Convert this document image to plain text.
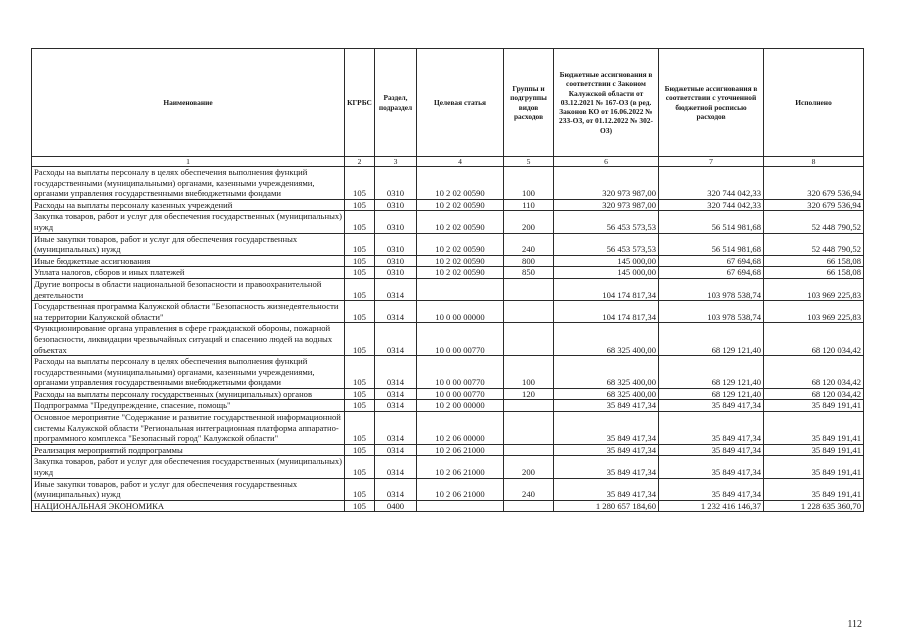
Наименование	КГРБС	Раздел, подраздел	Целевая статья	Группы и подгруппы видов расходов	Бюджетные ассигнования в соответствии с Законом Калужской области от 03.12.2021 № 167-ОЗ (в ред. Законов КО от 16.06.2022 № 233-ОЗ, от 01.12.2022 № 302-ОЗ)	Бюджетные ассигнования в соответствии с уточненной бюджетной росписью расходов	Исполнено
1	2	3	4	5	6	7	8
Расходы на выплаты персоналу в целях обеспечения выполнения функций государственными (муниципальными) органами, казенными учреждениями, органами управления государственными внебюджетными фондами	105	0310	10 2 02 00590	100	320 973 987,00	320 744 042,33	320 679 536,94
Расходы на выплаты персоналу казенных учреждений	105	0310	10 2 02 00590	110	320 973 987,00	320 744 042,33	320 679 536,94
Закупка товаров, работ и услуг для обеспечения государственных (муниципальных) нужд	105	0310	10 2 02 00590	200	56 453 573,53	56 514 981,68	52 448 790,52
Иные закупки товаров, работ и услуг для обеспечения государственных (муниципальных) нужд	105	0310	10 2 02 00590	240	56 453 573,53	56 514 981,68	52 448 790,52
Иные бюджетные ассигнования	105	0310	10 2 02 00590	800	145 000,00	67 694,68	66 158,08
Уплата налогов, сборов и иных платежей	105	0310	10 2 02 00590	850	145 000,00	67 694,68	66 158,08
Другие вопросы в области национальной безопасности и правоохранительной деятельности	105	0314			104 174 817,34	103 978 538,74	103 969 225,83
Государственная программа Калужской области "Безопасность жизнедеятельности на территории Калужской области"	105	0314	10 0 00 00000		104 174 817,34	103 978 538,74	103 969 225,83
Функционирование органа управления в сфере гражданской обороны, пожарной безопасности, ликвидации чрезвычайных ситуаций и спасению людей на водных объектах	105	0314	10 0 00 00770		68 325 400,00	68 129 121,40	68 120 034,42
Расходы на выплаты персоналу в целях обеспечения выполнения функций государственными (муниципальными) органами, казенными учреждениями, органами управления государственными внебюджетными фондами	105	0314	10 0 00 00770	100	68 325 400,00	68 129 121,40	68 120 034,42
Расходы на выплаты персоналу государственных (муниципальных) органов	105	0314	10 0 00 00770	120	68 325 400,00	68 129 121,40	68 120 034,42
Подпрограмма "Предупреждение, спасение, помощь"	105	0314	10 2 00 00000		35 849 417,34	35 849 417,34	35 849 191,41
Основное мероприятие "Содержание и развитие государственной информационной системы Калужской области "Региональная интеграционная платформа аппаратно-программного комплекса "Безопасный город" Калужской области"	105	0314	10 2 06 00000		35 849 417,34	35 849 417,34	35 849 191,41
Реализация мероприятий подпрограммы	105	0314	10 2 06 21000		35 849 417,34	35 849 417,34	35 849 191,41
Закупка товаров, работ и услуг для обеспечения государственных (муниципальных) нужд	105	0314	10 2 06 21000	200	35 849 417,34	35 849 417,34	35 849 191,41
Иные закупки товаров, работ и услуг для обеспечения государственных (муниципальных) нужд	105	0314	10 2 06 21000	240	35 849 417,34	35 849 417,34	35 849 191,41
НАЦИОНАЛЬНАЯ ЭКОНОМИКА	105	0400			1 280 657 184,60	1 232 416 146,37	1 228 635 360,70
112
